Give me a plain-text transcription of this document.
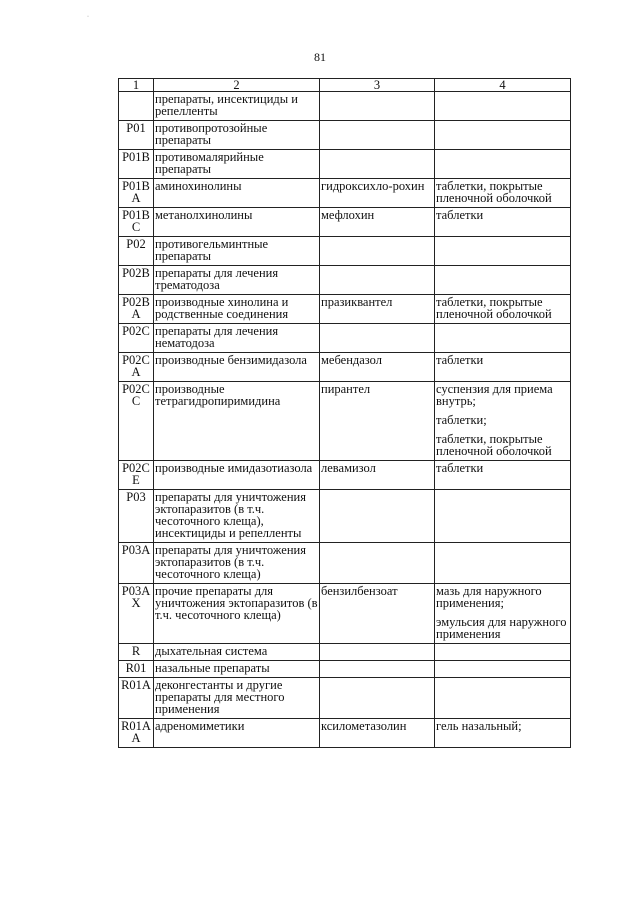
·
81
1	2	3	4
	препараты, инсектициды и репелленты		
P01	противопротозойные препараты		
P01B	противомалярийные препараты		
P01B A	аминохинолины	гидроксихло-рохин	таблетки, покрытые пленочной оболочкой

P01B C	метанолхинолины	мефлохин	таблетки

P02	противогельминтные препараты		
P02B	препараты для лечения трематодоза		
P02B A	производные хинолина и родственные соединения	празиквантел	таблетки, покрытые пленочной оболочкой

P02C	препараты для лечения нематодоза		
P02C A	производные бензимидазола	мебендазол	таблетки

P02C C	производные тетрагидропиримидина	пирантел	суспензия для приема внутрь;
таблетки;
таблетки, покрытые пленочной оболочкой

P02C E	производные имидазотиазола	левамизол	таблетки

P03	препараты для уничтожения эктопаразитов (в т.ч. чесоточного клеща), инсектициды и репелленты		
P03A	препараты для уничтожения эктопаразитов (в т.ч. чесоточного клеща)		
P03A X	прочие препараты для уничтожения эктопаразитов (в т.ч. чесоточного клеща)	бензилбензоат	мазь для наружного применения;
эмульсия для наружного применения

R	дыхательная система		
R01	назальные препараты		
R01A	деконгестанты и другие препараты для местного применения		
R01A A	адреномиметики	ксилометазолин	гель назальный;
